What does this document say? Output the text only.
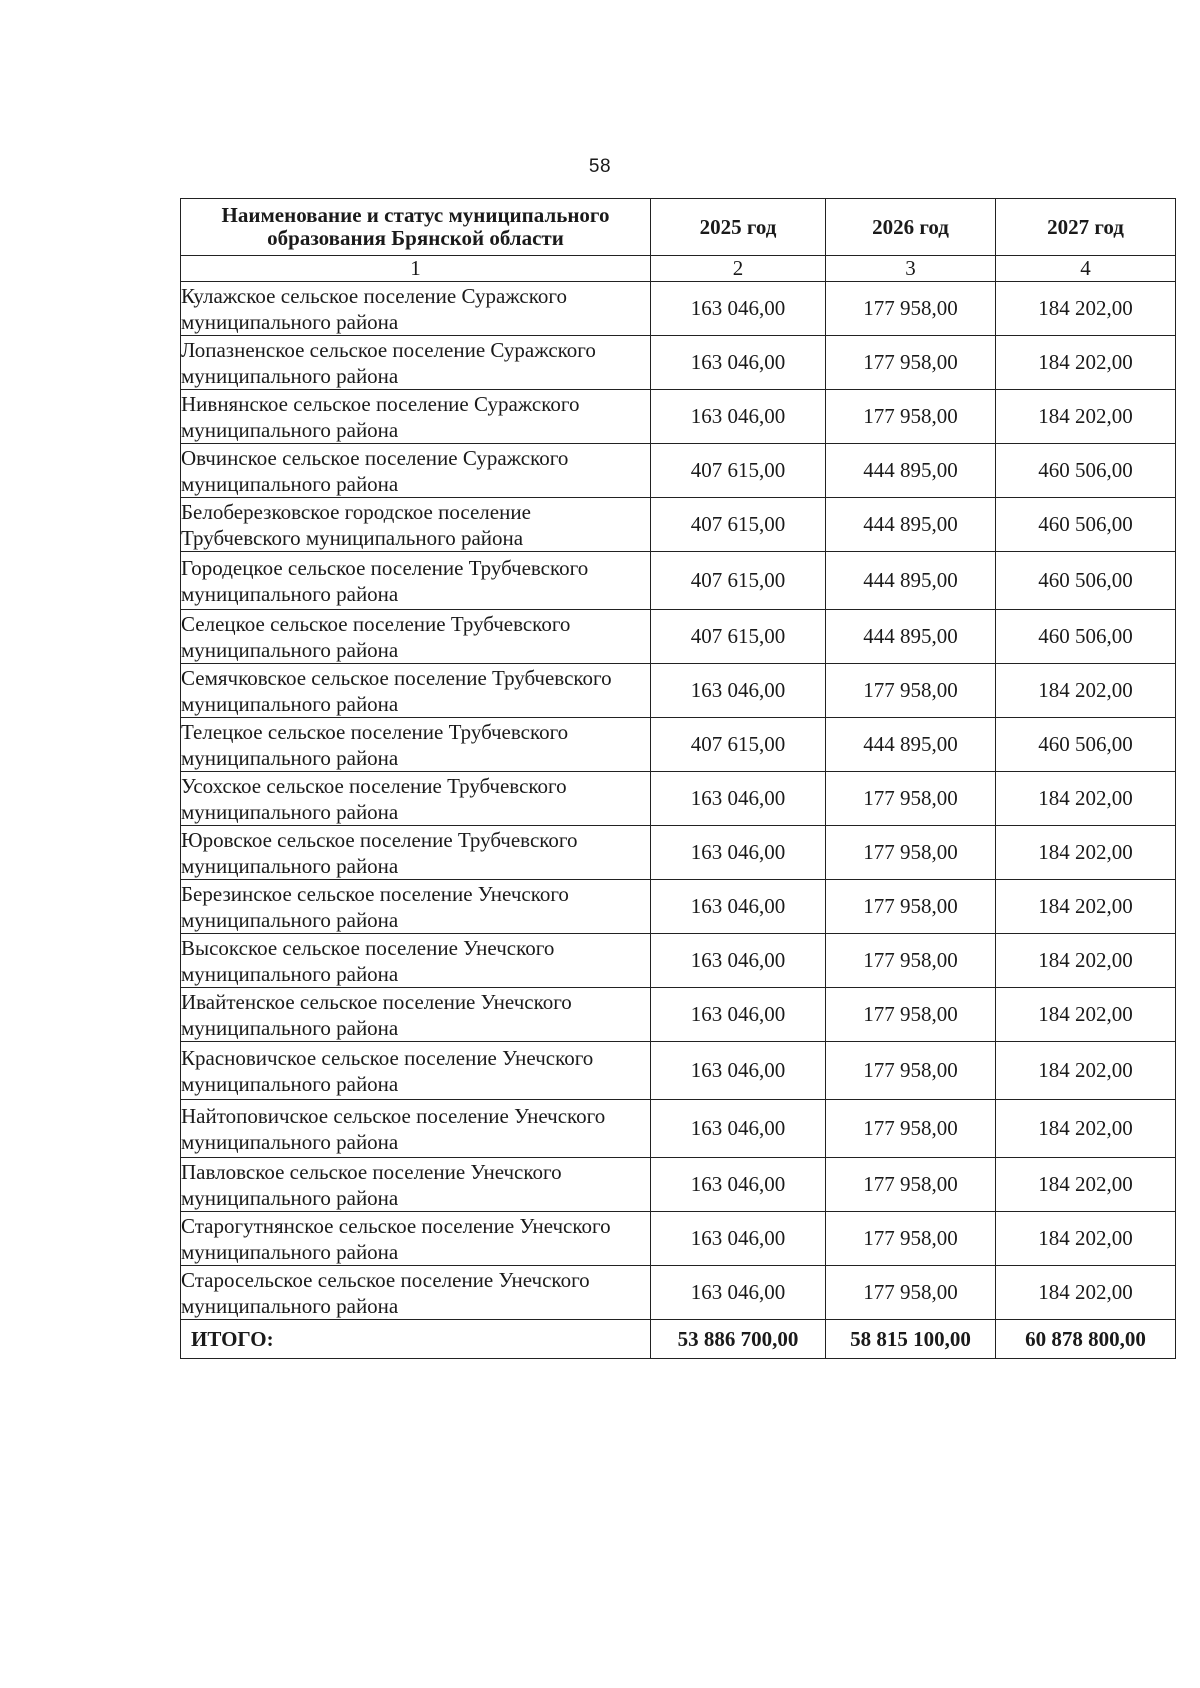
58
Наименование и статус муниципального образования Брянской области	2025 год	2026 год	2027 год
1	2	3	4
Кулажское сельское поселение Суражского муниципального района	163 046,00	177 958,00	184 202,00
Лопазненское сельское поселение Суражского муниципального района	163 046,00	177 958,00	184 202,00
Нивнянское сельское поселение Суражского муниципального района	163 046,00	177 958,00	184 202,00
Овчинское сельское поселение Суражского муниципального района	407 615,00	444 895,00	460 506,00
Белоберезковское городское поселение Трубчевского муниципального района	407 615,00	444 895,00	460 506,00
Городецкое сельское поселение Трубчевского муниципального района	407 615,00	444 895,00	460 506,00
Селецкое сельское поселение Трубчевского муниципального района	407 615,00	444 895,00	460 506,00
Семячковское сельское поселение Трубчевского муниципального района	163 046,00	177 958,00	184 202,00
Телецкое сельское поселение Трубчевского муниципального района	407 615,00	444 895,00	460 506,00
Усохское сельское поселение Трубчевского муниципального района	163 046,00	177 958,00	184 202,00
Юровское сельское поселение Трубчевского муниципального района	163 046,00	177 958,00	184 202,00
Березинское сельское поселение Унечского муниципального района	163 046,00	177 958,00	184 202,00
Высокское сельское поселение Унечского муниципального района	163 046,00	177 958,00	184 202,00
Ивайтенское сельское поселение Унечского муниципального района	163 046,00	177 958,00	184 202,00
Красновичское сельское поселение Унечского муниципального района	163 046,00	177 958,00	184 202,00
Найтоповичское сельское поселение Унечского муниципального района	163 046,00	177 958,00	184 202,00
Павловское сельское поселение Унечского муниципального района	163 046,00	177 958,00	184 202,00
Старогутнянское сельское поселение Унечского муниципального района	163 046,00	177 958,00	184 202,00
Старосельское сельское поселение Унечского муниципального района	163 046,00	177 958,00	184 202,00
ИТОГО:	53 886 700,00	58 815 100,00	60 878 800,00
